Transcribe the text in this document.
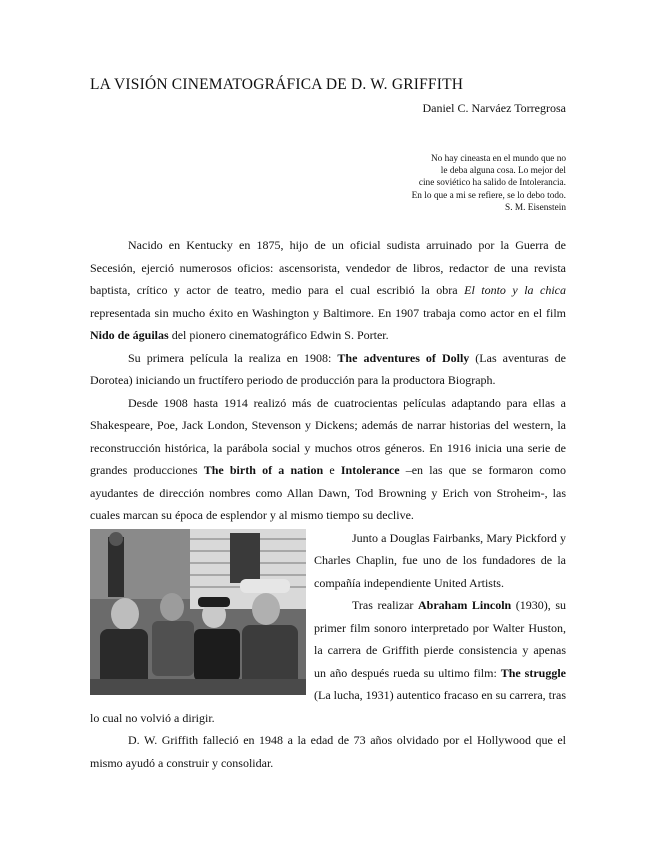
LA VISIÓN CINEMATOGRÁFICA DE D. W. GRIFFITH
Daniel C. Narváez Torregrosa
No hay cineasta en el mundo que no
le deba alguna cosa. Lo mejor del
cine soviético ha salido de Intolerancia.
En lo que a mi se refiere, se lo debo todo.
S. M. Eisenstein

Nacido en Kentucky en 1875, hijo de un oficial sudista arruinado por la Guerra de Secesión, ejerció numerosos oficios: ascensorista, vendedor de libros, redactor de una revista baptista, crítico y actor de teatro, medio para el cual escribió la obra El tonto y la chica representada sin mucho éxito en Washington y Baltimore. En 1907 trabaja como actor en el film Nido de águilas del pionero cinematográfico Edwin S. Porter.

Su primera película la realiza en 1908: The adventures of Dolly (Las aventuras de Dorotea) iniciando un fructífero periodo de producción para la productora Biograph.

Desde 1908 hasta 1914 realizó más de cuatrocientas películas adaptando para ellas a Shakespeare, Poe, Jack London, Stevenson y Dickens; además de narrar historias del western, la reconstrucción histórica, la parábola social y muchos otros géneros. En 1916 inicia una serie de grandes producciones The birth of a nation e Intolerance –en las que se formaron como ayudantes de dirección nombres como Allan Dawn, Tod Browning y Erich von Stroheim-, las cuales marcan su época de esplendor y al mismo tiempo su declive.

Junto a Douglas Fairbanks, Mary Pickford y Charles Chaplin, fue uno de los fundadores de la compañía independiente United Artists.

Tras realizar Abraham Lincoln (1930), su primer film sonoro interpretado por Walter Huston, la carrera de Griffith pierde consistencia y apenas un año después rueda su ultimo film: The struggle (La lucha, 1931) autentico fracaso en su carrera, tras lo cual no volvió a dirigir.

D. W. Griffith falleció en 1948 a la edad de 73 años olvidado por el Hollywood que el mismo ayudó a construir y consolidar.
